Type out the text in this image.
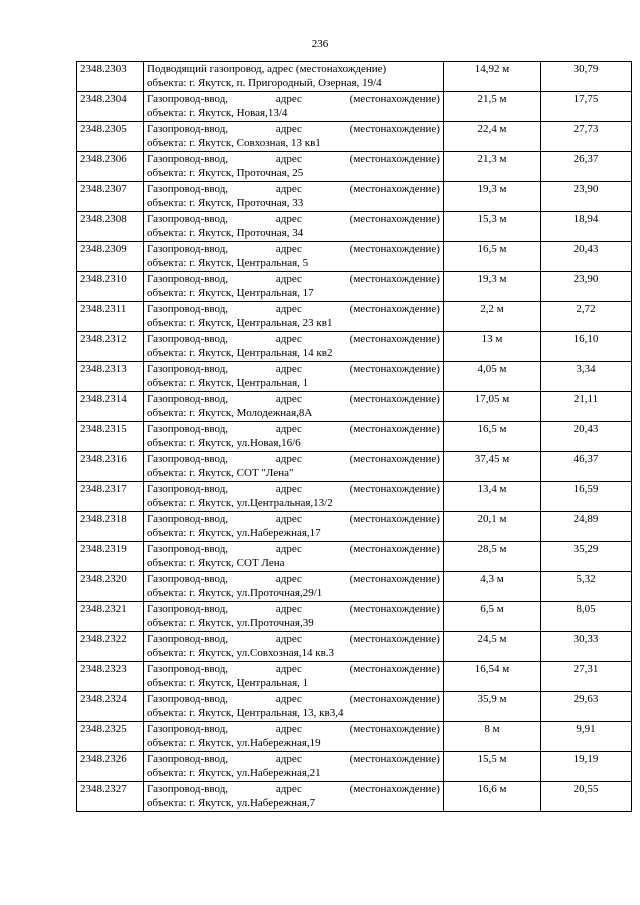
236
2348.2303	Подводящий газопровод, адрес (местонахождение)
объекта: г. Якутск, п. Пригородный, Озерная, 19/4	14,92 м	30,79
2348.2304	Газопровод-ввод, адрес (местонахождение)
объекта: г. Якутск, Новая,13/4	21,5 м	17,75
2348.2305	Газопровод-ввод, адрес (местонахождение)
объекта: г. Якутск, Совхозная, 13 кв1	22,4 м	27,73
2348.2306	Газопровод-ввод, адрес (местонахождение)
объекта: г. Якутск, Проточная, 25	21,3 м	26,37
2348.2307	Газопровод-ввод, адрес (местонахождение)
объекта: г. Якутск, Проточная, 33	19,3 м	23,90
2348.2308	Газопровод-ввод, адрес (местонахождение)
объекта: г. Якутск, Проточная, 34	15,3 м	18,94
2348.2309	Газопровод-ввод, адрес (местонахождение)
объекта: г. Якутск, Центральная, 5	16,5 м	20,43
2348.2310	Газопровод-ввод, адрес (местонахождение)
объекта: г. Якутск, Центральная, 17	19,3 м	23,90
2348.2311	Газопровод-ввод, адрес (местонахождение)
объекта: г. Якутск, Центральная, 23 кв1	2,2 м	2,72
2348.2312	Газопровод-ввод, адрес (местонахождение)
объекта: г. Якутск, Центральная, 14 кв2	13 м	16,10
2348.2313	Газопровод-ввод, адрес (местонахождение)
объекта: г. Якутск, Центральная, 1	4,05 м	3,34
2348.2314	Газопровод-ввод, адрес (местонахождение)
объекта: г. Якутск, Молодежная,8А	17,05 м	21,11
2348.2315	Газопровод-ввод, адрес (местонахождение)
объекта: г. Якутск, ул.Новая,16/6	16,5 м	20,43
2348.2316	Газопровод-ввод, адрес (местонахождение)
объекта: г. Якутск, СОТ "Лена"	37,45 м	46,37
2348.2317	Газопровод-ввод, адрес (местонахождение)
объекта: г. Якутск, ул.Центральная,13/2	13,4 м	16,59
2348.2318	Газопровод-ввод, адрес (местонахождение)
объекта: г. Якутск, ул.Набережная,17	20,1 м	24,89
2348.2319	Газопровод-ввод, адрес (местонахождение)
объекта: г. Якутск, СОТ Лена	28,5 м	35,29
2348.2320	Газопровод-ввод, адрес (местонахождение)
объекта: г. Якутск, ул.Проточная,29/1	4,3 м	5,32
2348.2321	Газопровод-ввод, адрес (местонахождение)
объекта: г. Якутск, ул.Проточная,39	6,5 м	8,05
2348.2322	Газопровод-ввод, адрес (местонахождение)
объекта: г. Якутск, ул.Совхозная,14 кв.3	24,5 м	30,33
2348.2323	Газопровод-ввод, адрес (местонахождение)
объекта: г. Якутск, Центральная, 1	16,54 м	27,31
2348.2324	Газопровод-ввод, адрес (местонахождение)
объекта: г. Якутск, Центральная, 13, кв3,4	35,9 м	29,63
2348.2325	Газопровод-ввод, адрес (местонахождение)
объекта: г. Якутск, ул.Набережная,19	8 м	9,91
2348.2326	Газопровод-ввод, адрес (местонахождение)
объекта: г. Якутск, ул.Набережная,21	15,5 м	19,19
2348.2327	Газопровод-ввод, адрес (местонахождение)
объекта: г. Якутск, ул.Набережная,7	16,6 м	20,55
